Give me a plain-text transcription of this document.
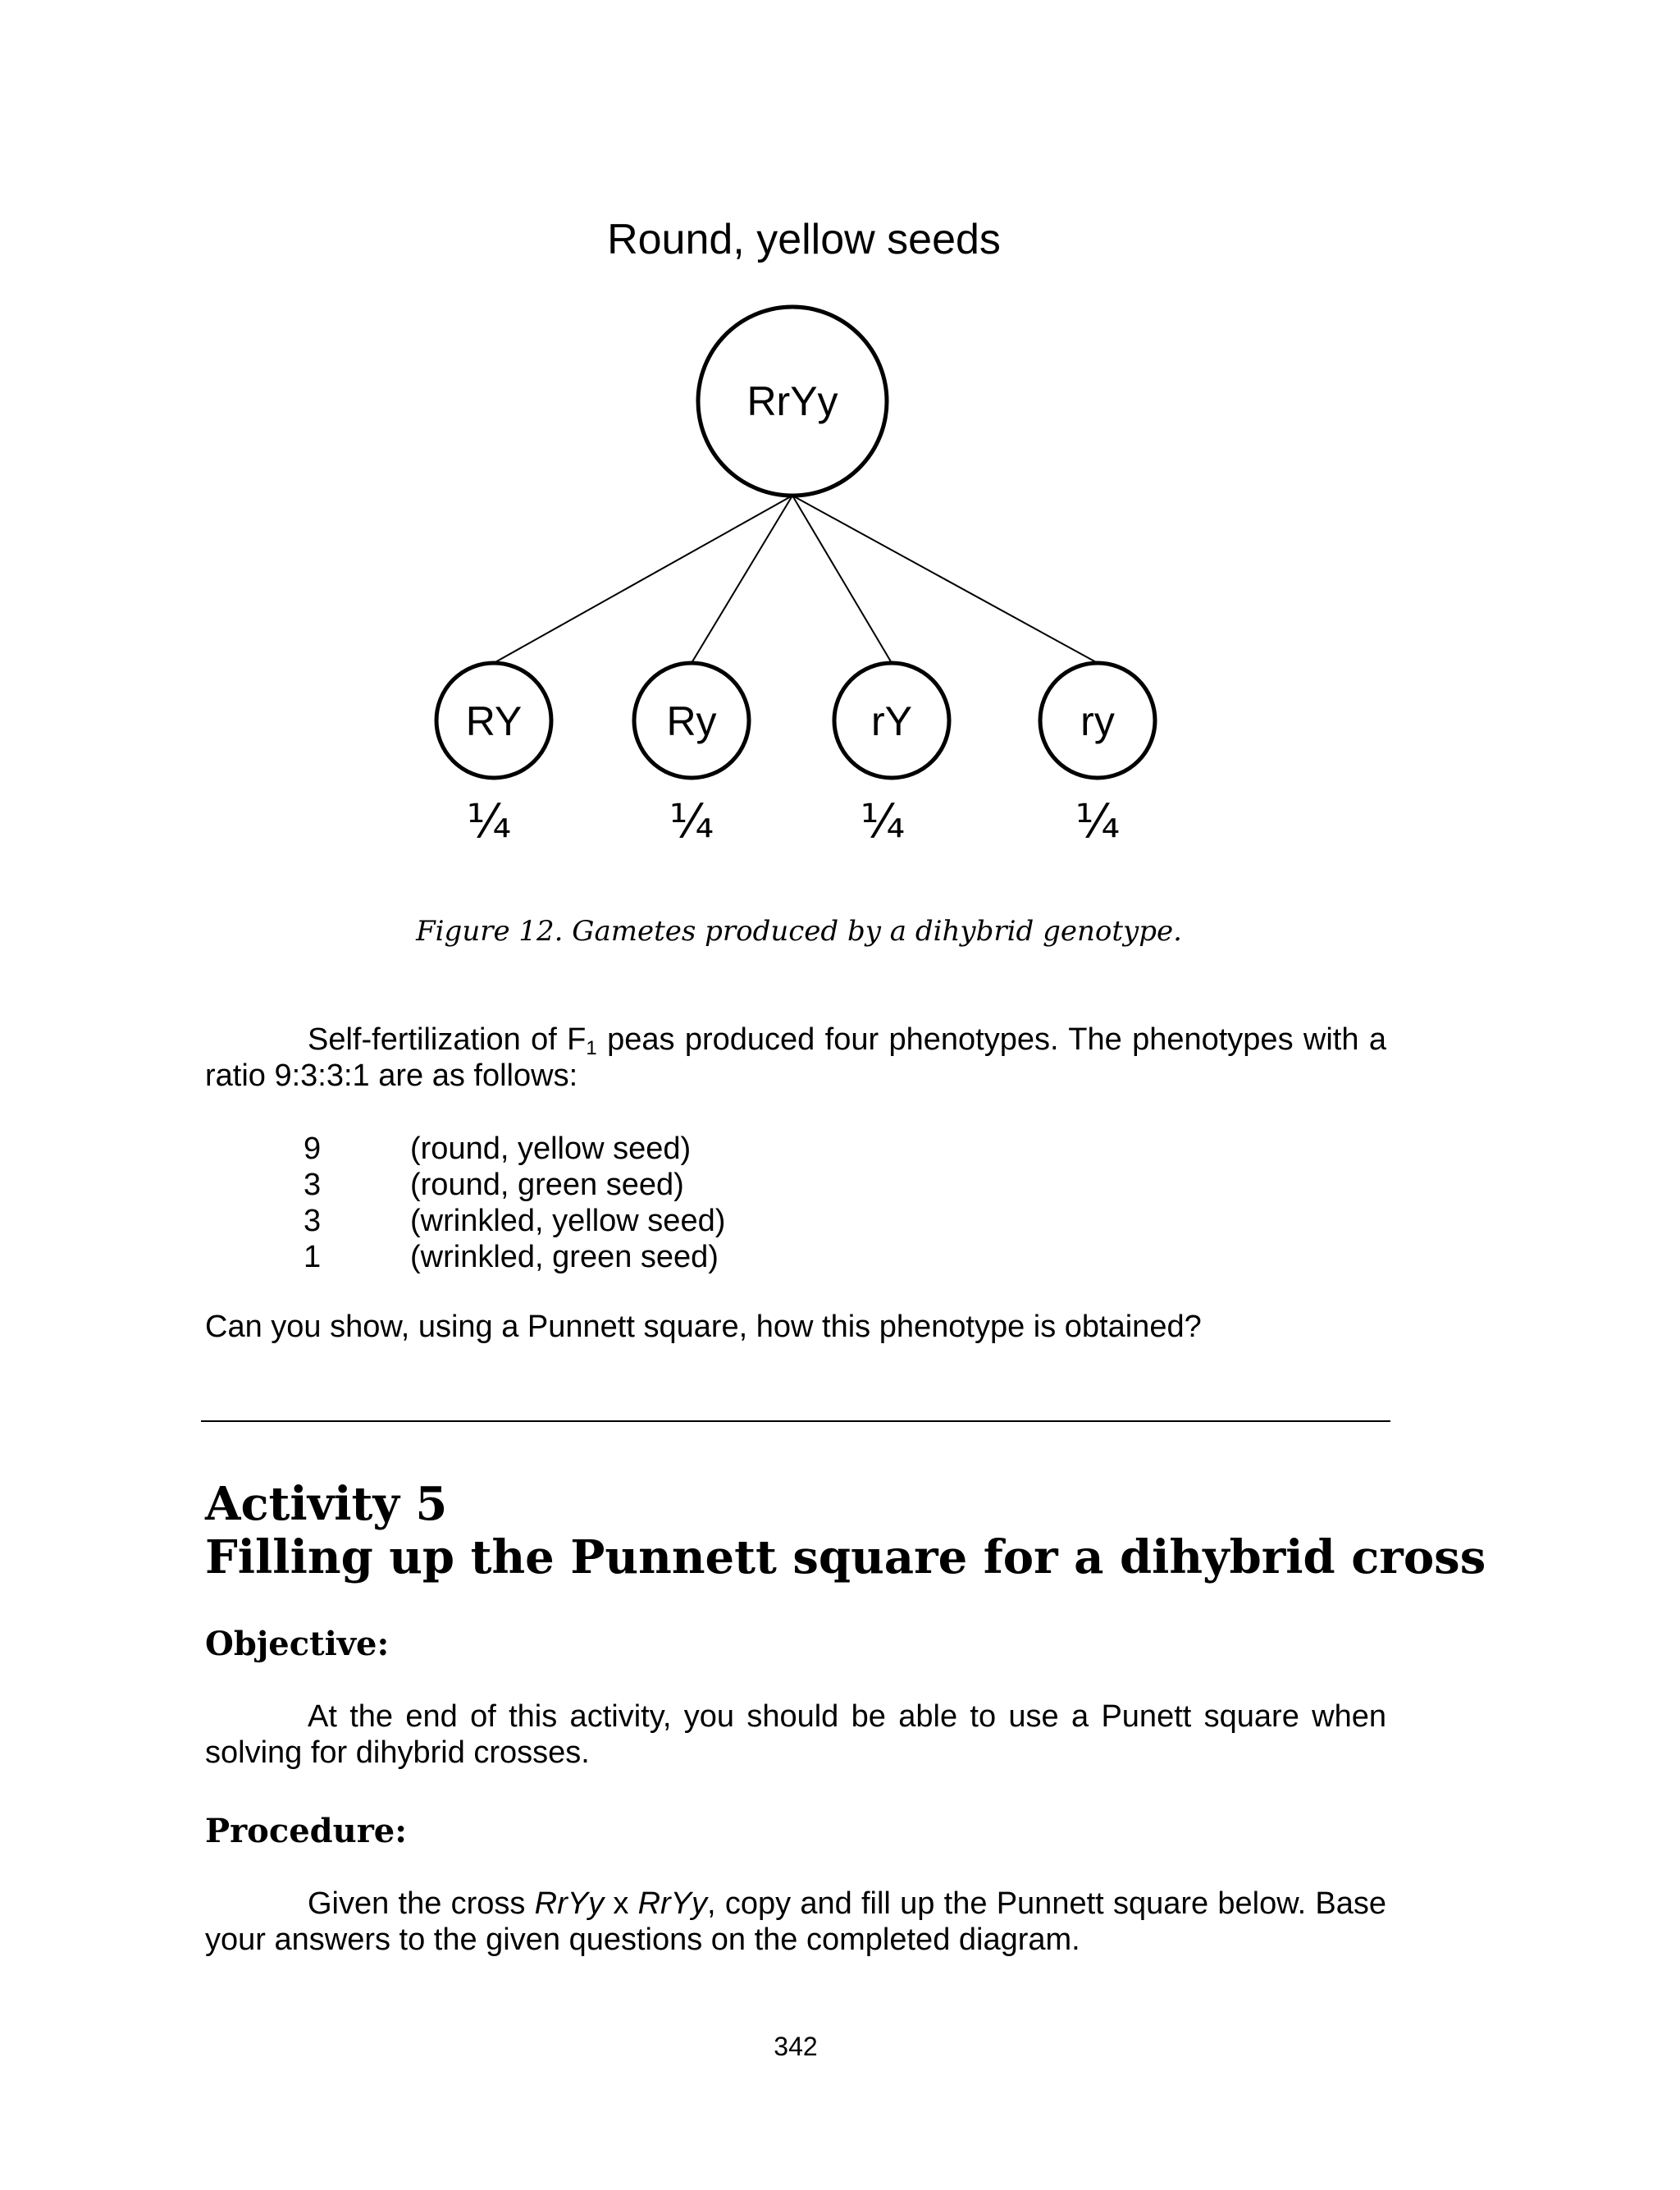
Round, yellow seeds
RrYy
RY
¼
Ry
¼
rY
¼
ry
¼
Figure 12. Gametes produced by a dihybrid genotype.
Self-fertilization of $F_1$ peas produced four phenotypes. The phenotypes with a ratio 9:3:3:1 are as follows:
9	(round, yellow seed)
3	(round, green seed)
3	(wrinkled, yellow seed)
1	(wrinkled, green seed)
Can you show, using a Punnett square, how this phenotype is obtained?
Activity 5
Filling up the Punnett square for a dihybrid cross
Objective:
At the end of this activity, you should be able to use a Punett square when solving for dihybrid crosses.
Procedure:
Given the cross RrYy x RrYy, copy and fill up the Punnett square below. Base your answers to the given questions on the completed diagram.
342
